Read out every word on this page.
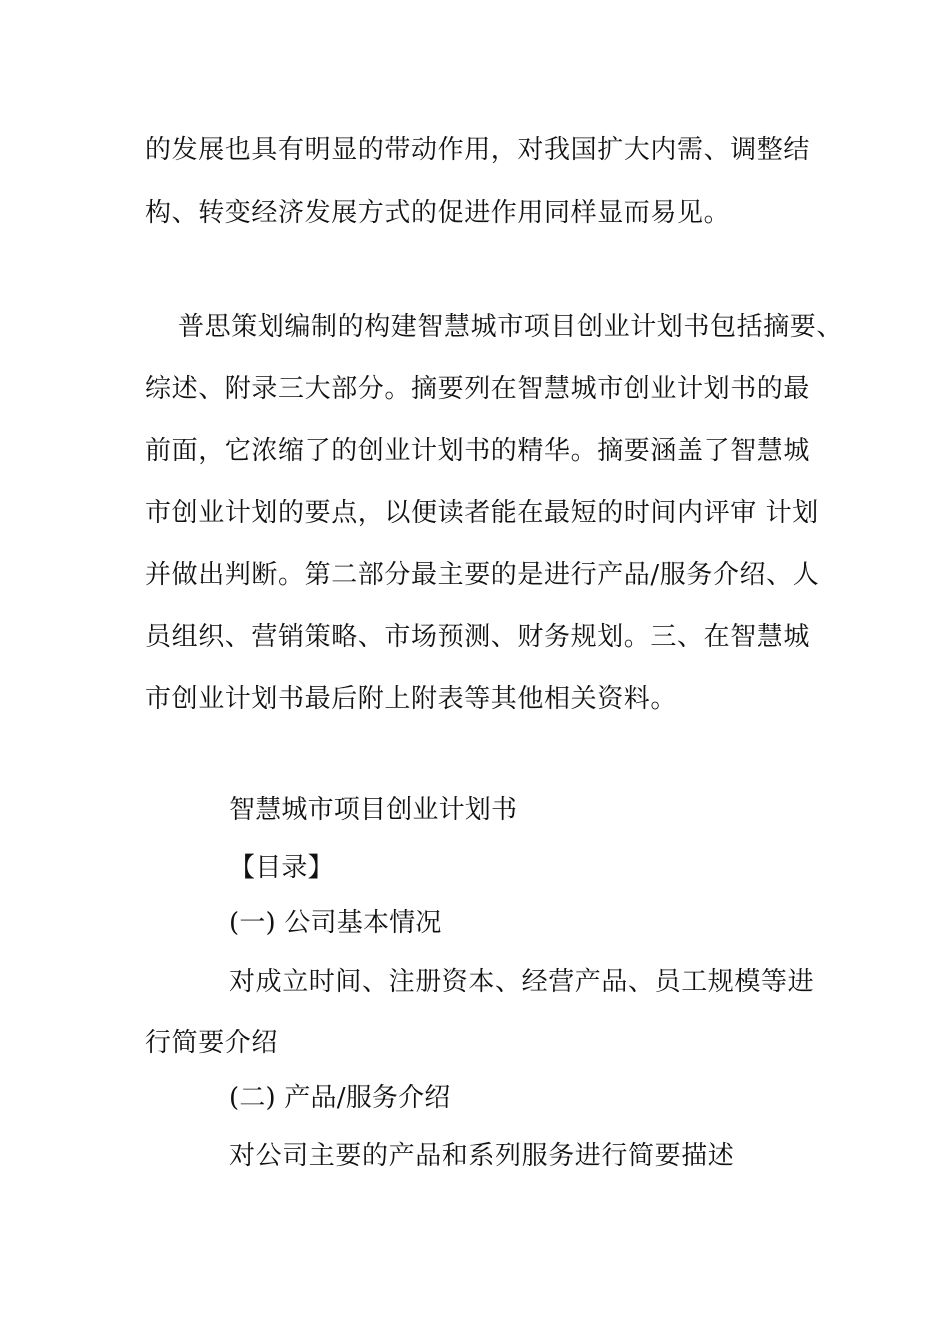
的发展也具有明显的带动作用，对我国扩大内需、调整结
构、转变经济发展方式的促进作用同样显而易见。
普思策划编制的构建智慧城市项目创业计划书包括摘要、
综述、附录三大部分。摘要列在智慧城市创业计划书的最
前面，它浓缩了的创业计划书的精华。摘要涵盖了智慧城
市创业计划的要点，以便读者能在最短的时间内评审 计划
并做出判断。第二部分最主要的是进行产品/服务介绍、人
员组织、营销策略、市场预测、财务规划。三、在智慧城
市创业计划书最后附上附表等其他相关资料。
智慧城市项目创业计划书
【目录】
(一) 公司基本情况
对成立时间、注册资本、经营产品、员工规模等进
行简要介绍
(二) 产品/服务介绍
对公司主要的产品和系列服务进行简要描述
